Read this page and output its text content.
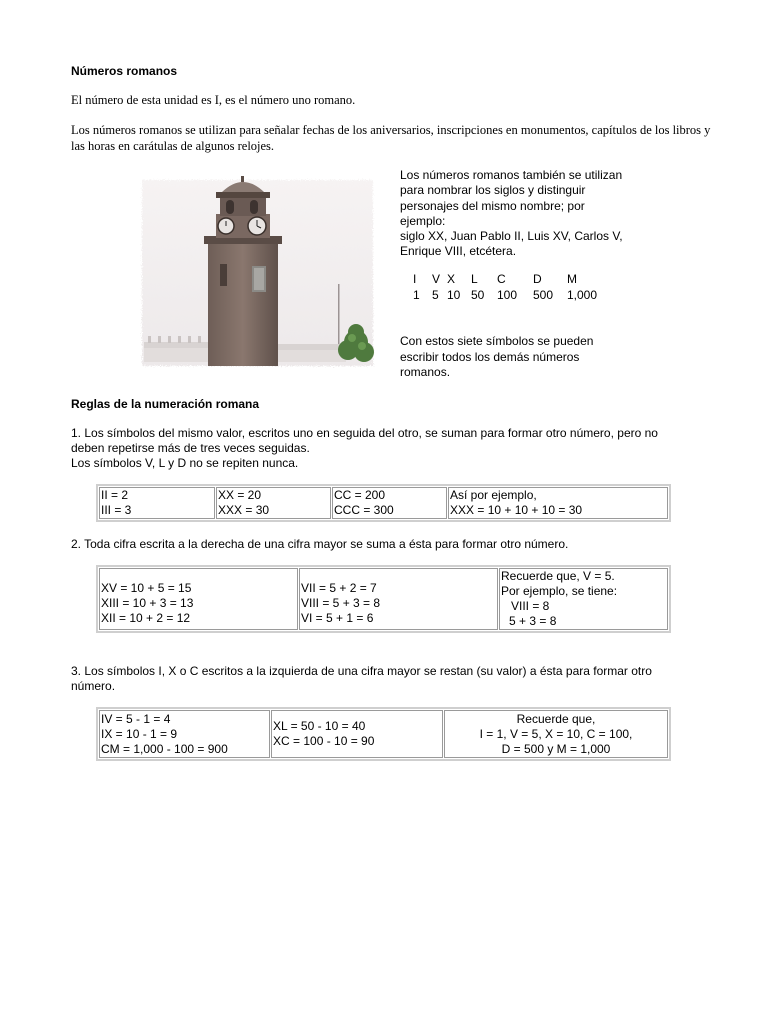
Números romanos
El número de esta unidad es I, es el número uno romano.
Los números romanos se utilizan para señalar fechas de los aniversarios, inscripciones en monumentos, capítulos de los libros y las horas en carátulas de algunos relojes.
Los números romanos también se utilizan
para nombrar los siglos y distinguir
personajes del mismo nombre; por
ejemplo:
siglo XX, Juan Pablo II, Luis XV, Carlos V,
Enrique VIII, etcétera.
I	V	X	L	C	D	M
1	5	10	50	100	500	1,000
Con estos siete símbolos se pueden
escribir todos los demás números
romanos.
Reglas de la numeración romana
1. Los símbolos del mismo valor, escritos uno en seguida del otro, se suman para formar otro número, pero no
deben repetirse más de tres veces seguidas.
Los símbolos V, L y D no se repiten nunca.
II = 2
III = 3

XX = 20
XXX = 30

CC = 200
CCC = 300

Así por ejemplo,
XXX = 10 + 10 + 10 = 30
2. Toda cifra escrita a la derecha de una cifra mayor se suma a ésta para formar otro número.
XV = 10 + 5 = 15
XIII = 10 + 3 = 13
XII = 10 + 2 = 12

VII = 5 + 2 = 7
VIII = 5 + 3 = 8
VI = 5 + 1 = 6

Recuerde que, V = 5.
Por ejemplo, se tiene:
VIII = 8
5 + 3 = 8
3. Los símbolos I, X o C escritos a la izquierda de una cifra mayor se restan (su valor) a ésta para formar otro
número.
IV = 5 - 1 = 4
IX = 10 - 1 = 9
CM = 1,000 - 100 = 900

XL = 50 - 10 = 40
XC = 100 - 10 = 90

Recuerde que,
I = 1, V = 5, X = 10, C = 100,
D = 500 y M = 1,000
